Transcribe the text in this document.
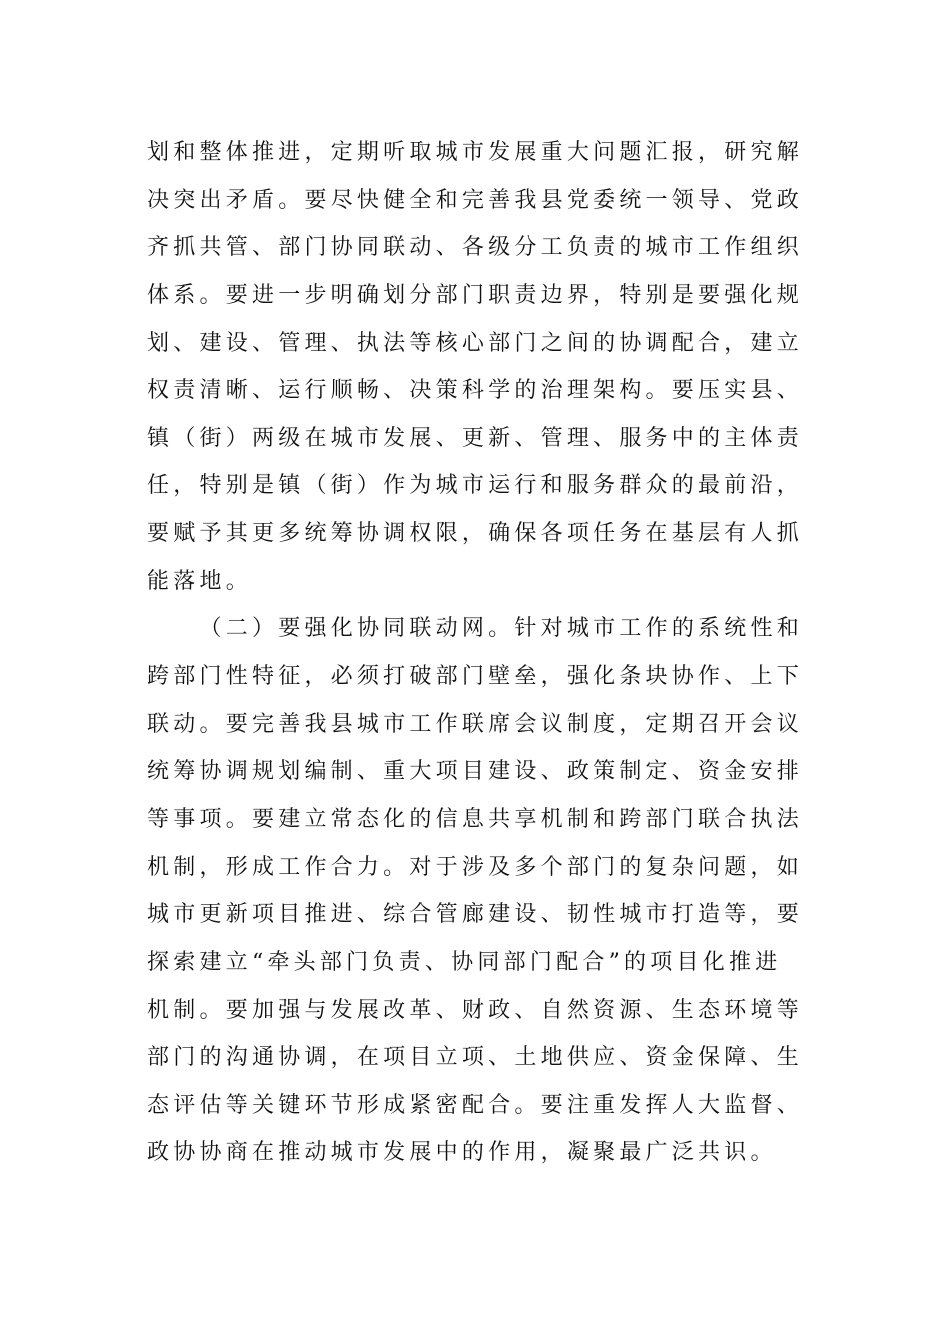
划和整体推进，定期听取城市发展重大问题汇报，研究解
决突出矛盾。要尽快健全和完善我县党委统一领导、党政
齐抓共管、部门协同联动、各级分工负责的城市工作组织
体系。要进一步明确划分部门职责边界，特别是要强化规
划、建设、管理、执法等核心部门之间的协调配合，建立
权责清晰、运行顺畅、决策科学的治理架构。要压实县、
镇（街）两级在城市发展、更新、管理、服务中的主体责
任，特别是镇（街）作为城市运行和服务群众的最前沿，
要赋予其更多统筹协调权限，确保各项任务在基层有人抓
能落地。
（二）要强化协同联动网。针对城市工作的系统性和
跨部门性特征，必须打破部门壁垒，强化条块协作、上下
联动。要完善我县城市工作联席会议制度，定期召开会议
统筹协调规划编制、重大项目建设、政策制定、资金安排
等事项。要建立常态化的信息共享机制和跨部门联合执法
机制，形成工作合力。对于涉及多个部门的复杂问题，如
城市更新项目推进、综合管廊建设、韧性城市打造等，要
探索建立“牵头部门负责、协同部门配合”的项目化推进
机制。要加强与发展改革、财政、自然资源、生态环境等
部门的沟通协调，在项目立项、土地供应、资金保障、生
态评估等关键环节形成紧密配合。要注重发挥人大监督、
政协协商在推动城市发展中的作用，凝聚最广泛共识。
